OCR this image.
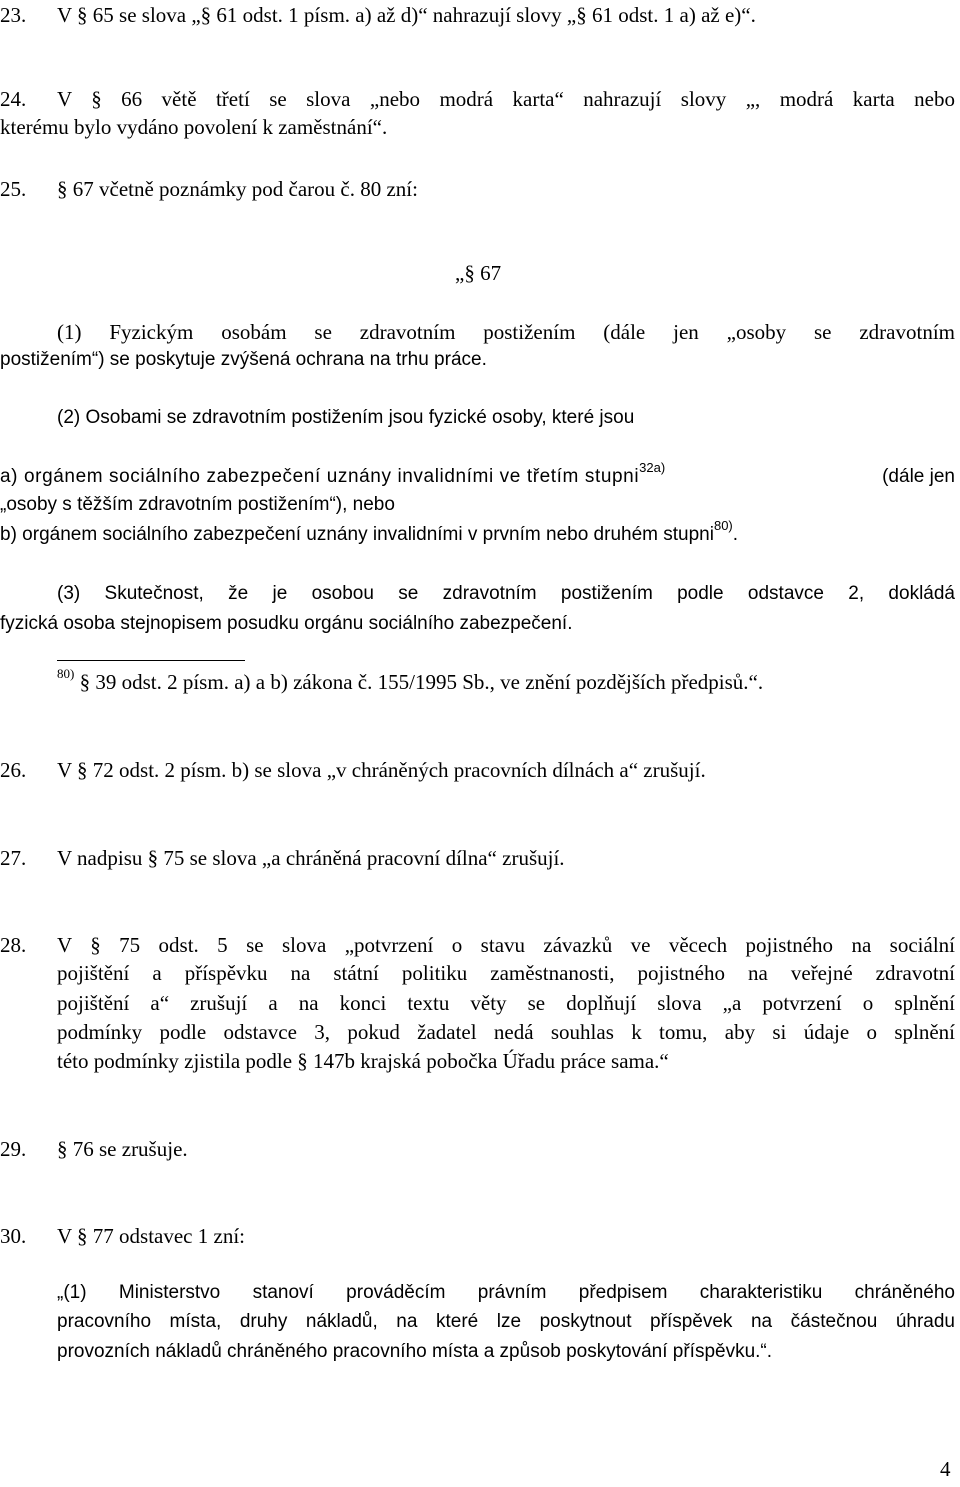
23. V § 65 se slova „§ 61 odst. 1 písm. a) až d)“ nahrazují slovy „§ 61 odst. 1 a) až e)“.
24. V § 66 větě třetí se slova „nebo modrá karta“ nahrazují slovy „, modrá karta nebo
kterému bylo vydáno povolení k zaměstnání“.
25. § 67 včetně poznámky pod čarou č. 80 zní:
„§ 67
(1) Fyzickým osobám se zdravotním postižením (dále jen „osoby se zdravotním
postižením“) se poskytuje zvýšená ochrana na trhu práce.
(2) Osobami se zdravotním postižením jsou fyzické osoby, které jsou
a) orgánem sociálního zabezpečení uznány invalidními ve třetím stupni$^{32a)}$	(dále jen
„osoby s těžším zdravotním postižením“), nebo
b) orgánem sociálního zabezpečení uznány invalidními v prvním nebo druhém stupni$^{80)}$.
(3) Skutečnost, že je osobou se zdravotním postižením podle odstavce 2, dokládá
fyzická osoba stejnopisem posudku orgánu sociálního zabezpečení.
$^{80)}$ § 39 odst. 2 písm. a) a b) zákona č. 155/1995 Sb., ve znění pozdějších předpisů.“.
26. V § 72 odst. 2 písm. b) se slova „v chráněných pracovních dílnách a“ zrušují.
27. V nadpisu § 75 se slova „a chráněná pracovní dílna“ zrušují.
28. V § 75 odst. 5 se slova „potvrzení o stavu závazků ve věcech pojistného na sociální
pojištění a příspěvku na státní politiku zaměstnanosti, pojistného na veřejné zdravotní
pojištění a“ zrušují a na konci textu věty se doplňují slova „a potvrzení o splnění
podmínky podle odstavce 3, pokud žadatel nedá souhlas k tomu, aby si údaje o splnění
této podmínky zjistila podle § 147b krajská pobočka Úřadu práce sama.“
29. § 76 se zrušuje.
30. V § 77 odstavec 1 zní:
„(1) Ministerstvo stanoví prováděcím právním předpisem charakteristiku chráněného
pracovního místa, druhy nákladů, na které lze poskytnout příspěvek na částečnou úhradu
provozních nákladů chráněného pracovního místa a způsob poskytování příspěvku.“.
4
